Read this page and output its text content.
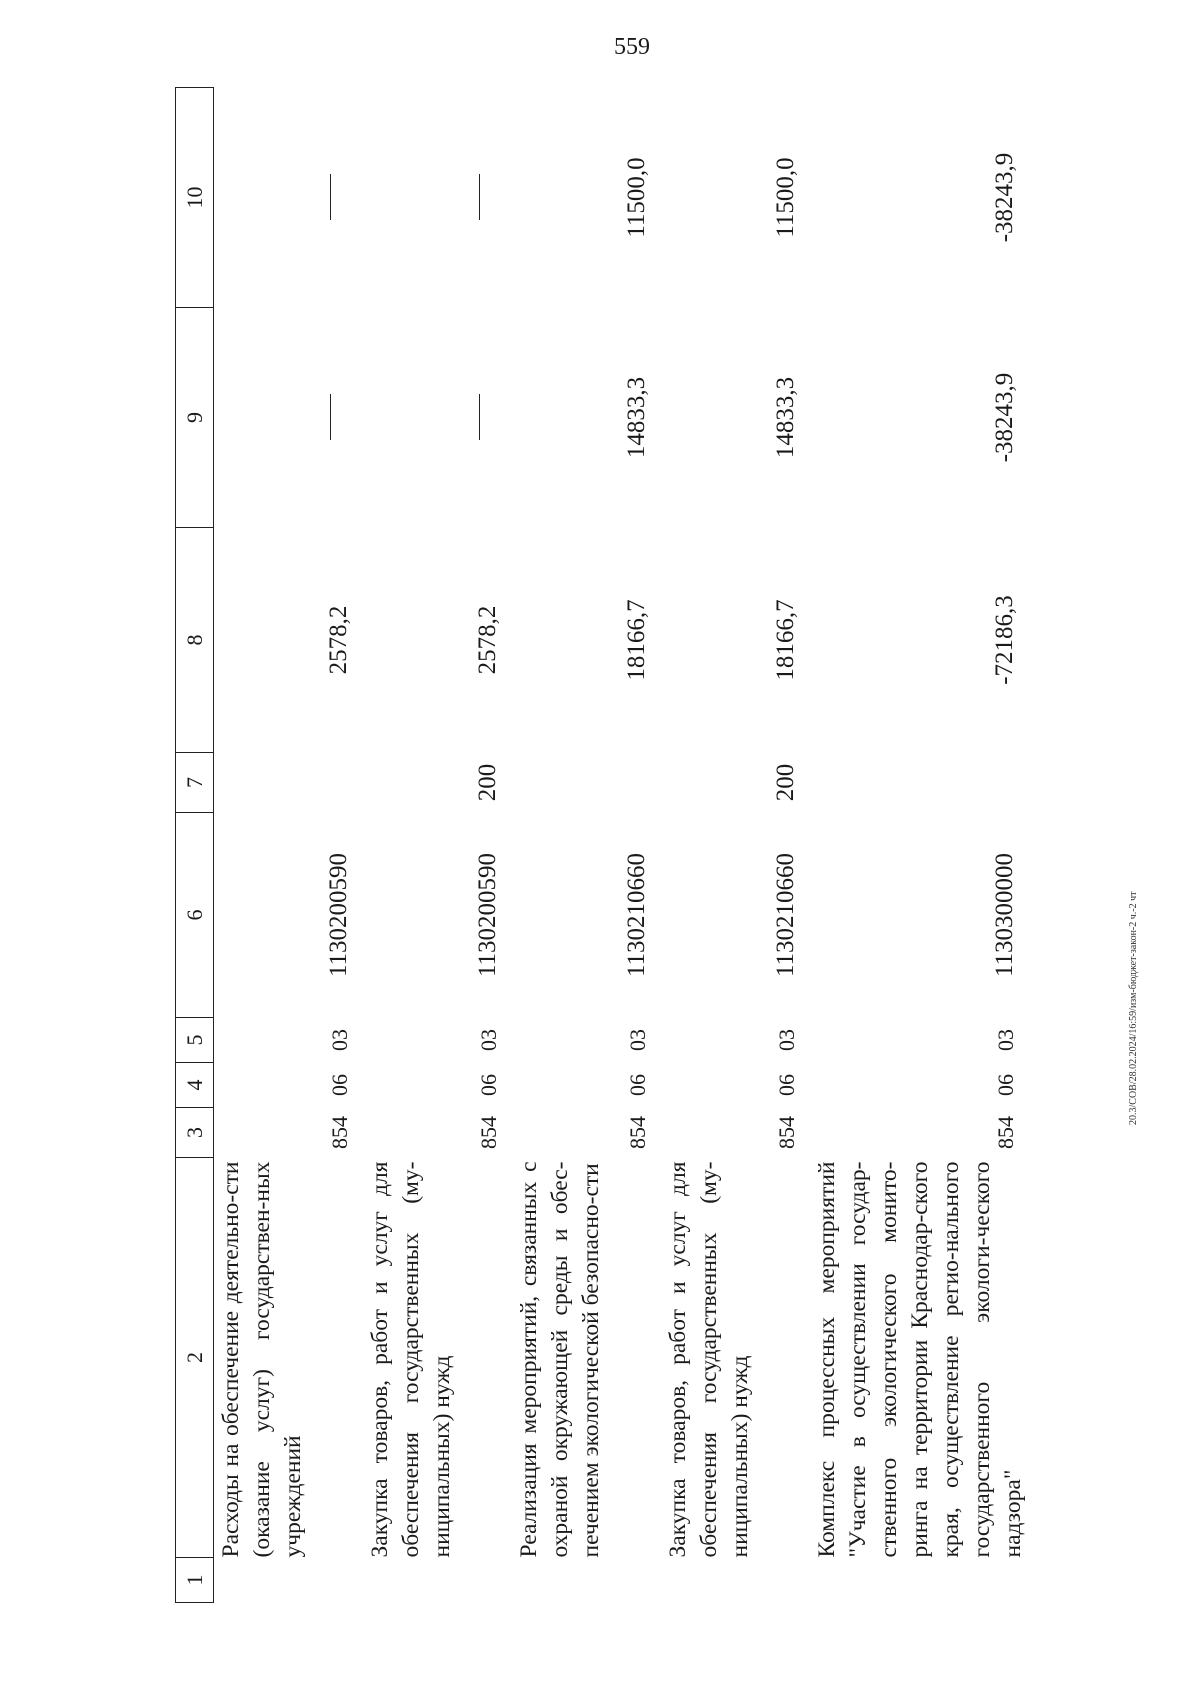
559
20.3/СОВ/28.02.2024/16:59/изм-бюджет-закон-2 ч.-2 чт
1	2	3	4	5	6	7	8	9	10
	Расходы на обеспечение деятельно-сти (оказание услуг) государствен-ных учреждений	854	06	03	1130200590		2578,2		
	Закупка товаров, работ и услуг для обеспечения государственных (му-ниципальных) нужд	854	06	03	1130200590	200	2578,2		
	Реализация мероприятий, связанных с охраной окружающей среды и обес-печением экологической безопасно-сти	854	06	03	1130210660		18166,7	14833,3	11500,0
	Закупка товаров, работ и услуг для обеспечения государственных (му-ниципальных) нужд	854	06	03	1130210660	200	18166,7	14833,3	11500,0
	Комплекс процессных мероприятий "Участие в осуществлении государ-ственного экологического монито-ринга на территории Краснодар-ского края, осуществление регио-нального государственного экологи-ческого надзора"	854	06	03	1130300000		-72186,3	-38243,9	-38243,9
